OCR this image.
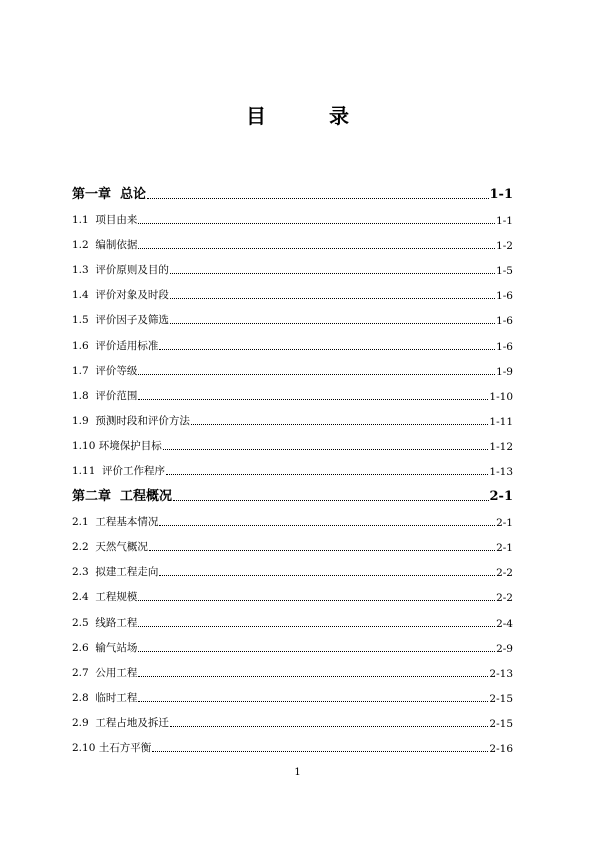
目 录
第一章  总论	1-1
1.1  项目由来	1-1
1.2  编制依据	1-2
1.3  评价原则及目的	1-5
1.4  评价对象及时段	1-6
1.5  评价因子及筛选	1-6
1.6  评价适用标准	1-6
1.7  评价等级	1-9
1.8  评价范围	1-10
1.9  预测时段和评价方法	1-11
1.10 环境保护目标	1-12
1.11  评价工作程序	1-13
第二章  工程概况	2-1
2.1  工程基本情况	2-1
2.2  天然气概况	2-1
2.3  拟建工程走向	2-2
2.4  工程规模	2-2
2.5  线路工程	2-4
2.6  输气站场	2-9
2.7  公用工程	2-13
2.8  临时工程	2-15
2.9  工程占地及拆迁	2-15
2.10 土石方平衡	2-16
1
